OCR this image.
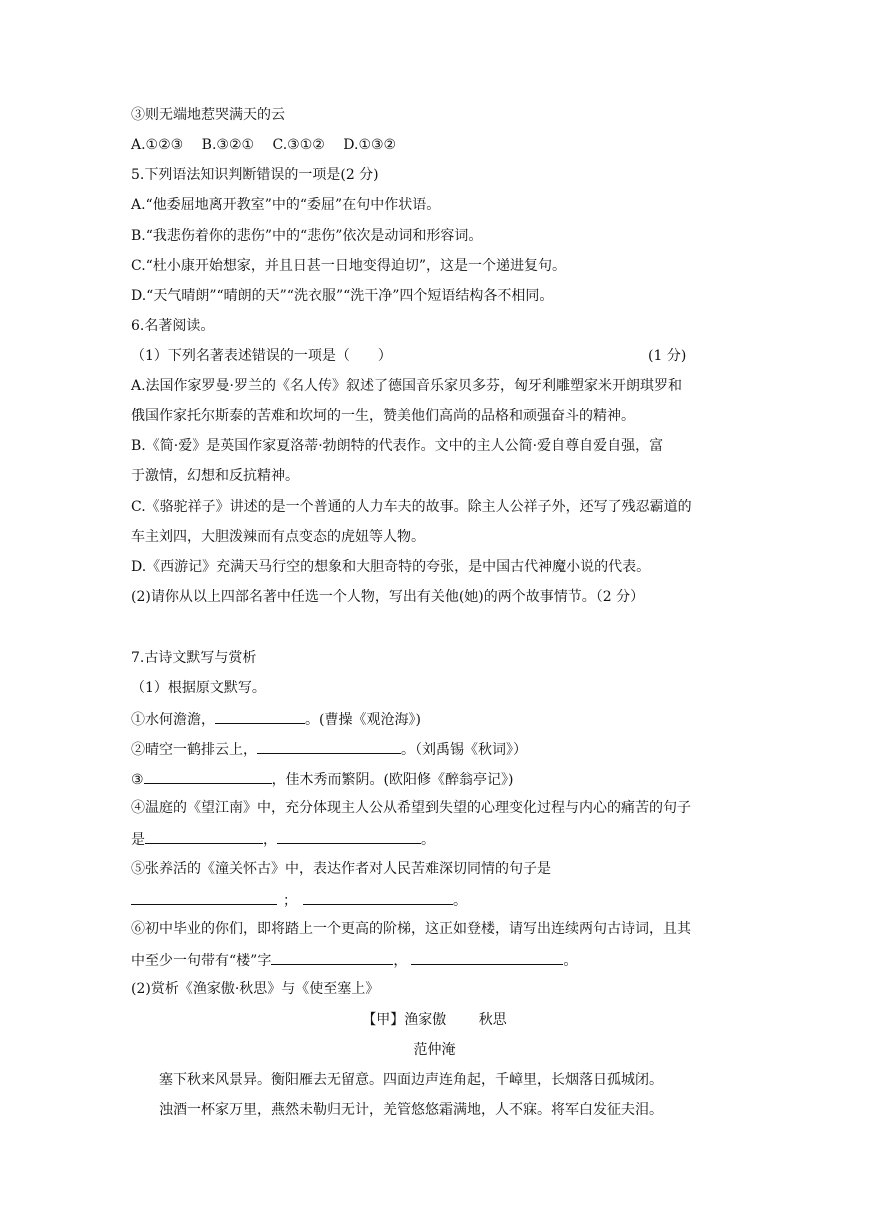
③则无端地惹哭满天的云
A.①②③　 B.③②①　 C.③①②　 D.①③②
5.下列语法知识判断错误的一项是(2 分)
A.“他委屈地离开教室”中的“委屈”在句中作状语。
B.“我悲伤着你的悲伤”中的“悲伤”依次是动词和形容词。
C.“杜小康开始想家，并且日甚一日地变得迫切”，这是一个递进复句。
D.“天气晴朗”“晴朗的天”“洗衣服”“洗干净”四个短语结构各不相同。
6.名著阅读。
（1）下列名著表述错误的一项是（　　）	(1 分)
A.法国作家罗曼·罗兰的《名人传》叙述了德国音乐家贝多芬，匈牙利雕塑家米开朗琪罗和
俄国作家托尔斯泰的苦难和坎坷的一生，赞美他们高尚的品格和顽强奋斗的精神。
B.《简·爱》是英国作家夏洛蒂·勃朗特的代表作。文中的主人公简·爱自尊自爱自强，富
于激情，幻想和反抗精神。
C.《骆驼祥子》讲述的是一个普通的人力车夫的故事。除主人公祥子外，还写了残忍霸道的
车主刘四，大胆泼辣而有点变态的虎妞等人物。
D.《西游记》充满天马行空的想象和大胆奇特的夸张，是中国古代神魔小说的代表。
(2)请你从以上四部名著中任选一个人物，写出有关他(她)的两个故事情节。（2 分）
7.古诗文默写与赏析
（1）根据原文默写。
①水何澹澹，	。(曹操《观沧海》)
②晴空一鹤排云上，	。（刘禹锡《秋词》）
③	，佳木秀而繁阴。(欧阳修《醉翁亭记》)
④温庭的《望江南》中，充分体现主人公从希望到失望的心理变化过程与内心的痛苦的句子
是	，	。
⑤张养活的《潼关怀古》中，表达作者对人民苦难深切同情的句子是
；	。
⑥初中毕业的你们，即将踏上一个更高的阶梯，这正如登楼，请写出连续两句古诗词，且其
中至少一句带有“楼”字	，	。
(2)赏析《渔家傲·秋思》与《使至塞上》
【甲】渔家傲　　 秋思
范仲淹
塞下秋来风景异。衡阳雁去无留意。四面边声连角起，千嶂里，长烟落日孤城闭。
浊酒一杯家万里，燕然未勒归无计，羌管悠悠霜满地，人不寐。将军白发征夫泪。
